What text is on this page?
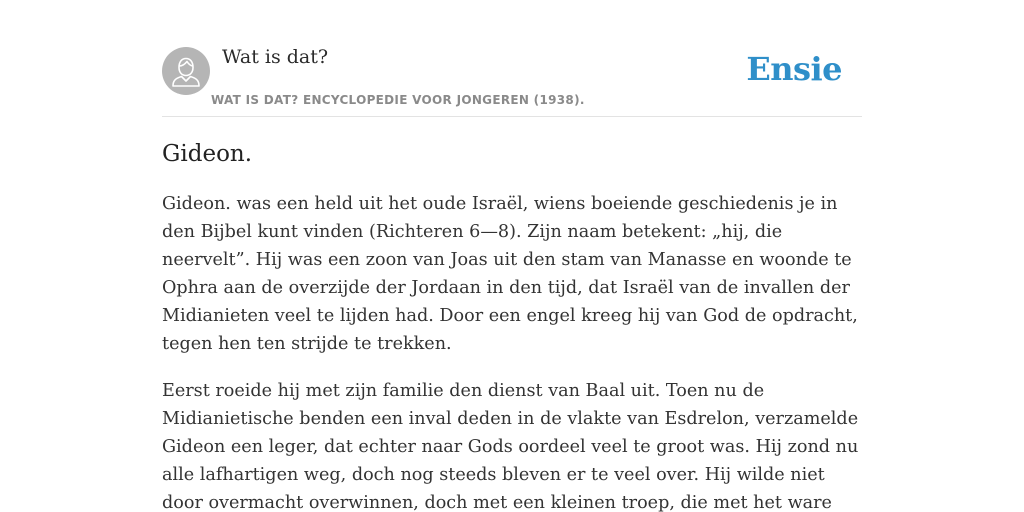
Wat is dat?
WAT IS DAT? ENCYCLOPEDIE VOOR JONGEREN (1938).
Ensie
Gideon.

Gideon. was een held uit het oude Israël, wiens boeiende geschiedenis je in den Bijbel kunt vinden (Richteren 6—8). Zijn naam betekent: „hij, die neervelt”. Hij was een zoon van Joas uit den stam van Manasse en woonde te Ophra aan de overzijde der Jordaan in den tijd, dat Israël van de invallen der Midianieten veel te lijden had. Door een engel kreeg hij van God de opdracht, tegen hen ten strijde te trekken.

Eerst roeide hij met zijn familie den dienst van Baal uit. Toen nu de Midianietische benden een inval deden in de vlakte van Esdrelon, verzamelde Gideon een leger, dat echter naar Gods oordeel veel te groot was. Hij zond nu alle lafhartigen weg, doch nog steeds bleven er te veel over. Hij wilde niet door overmacht overwinnen, doch met een kleinen troep, die met het ware
